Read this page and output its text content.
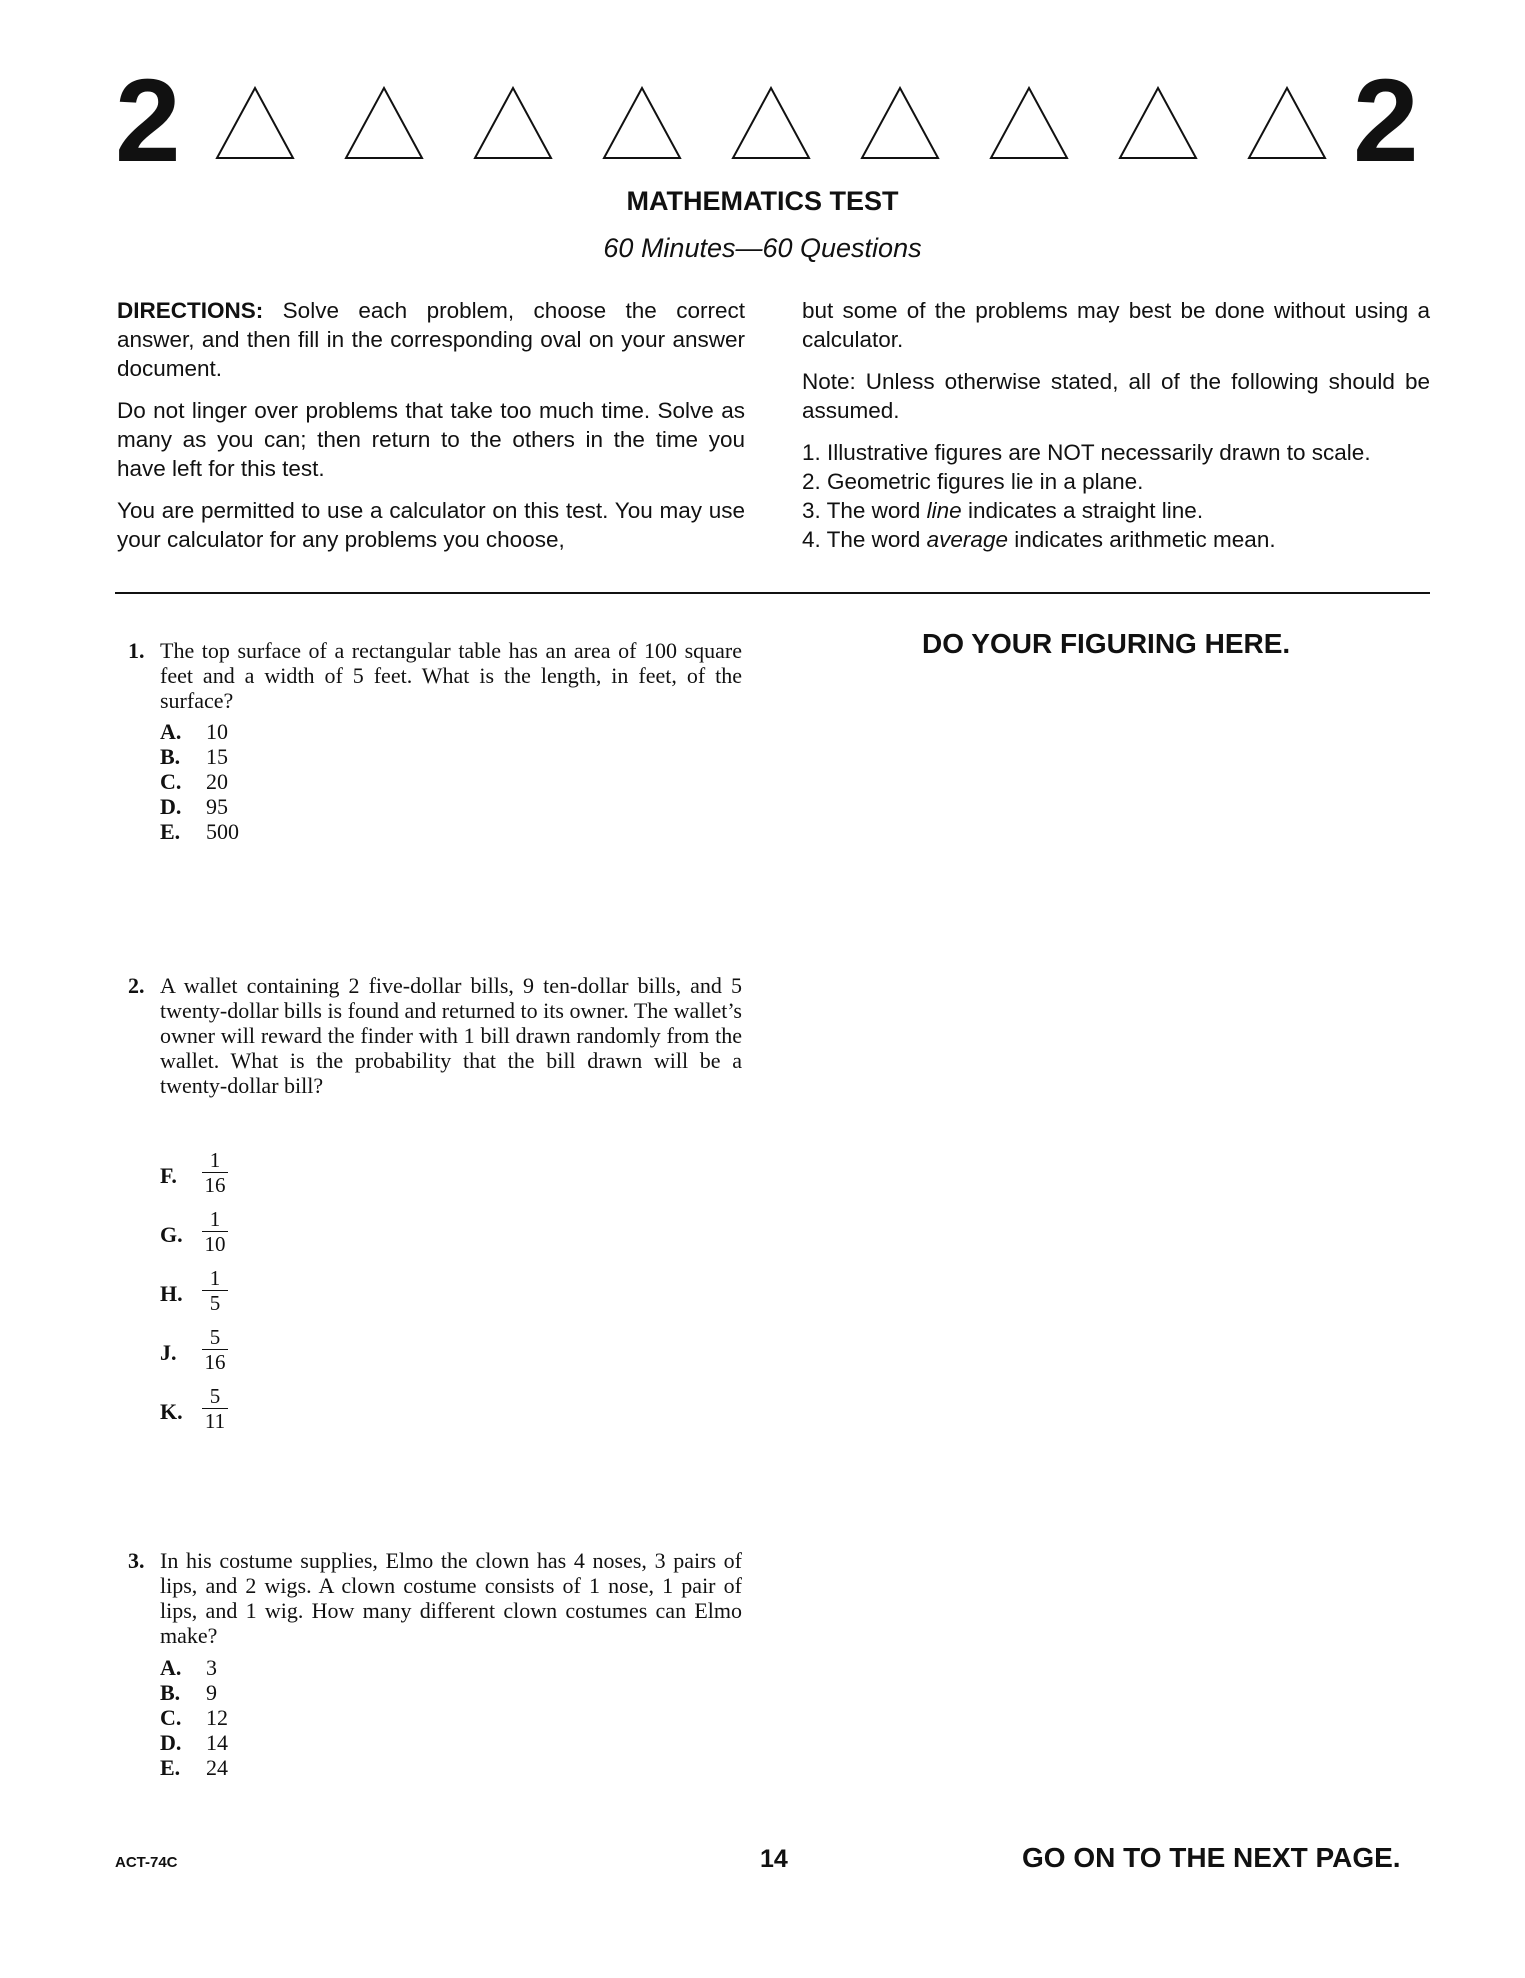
2	2
MATHEMATICS TEST
60 Minutes—60 Questions

DIRECTIONS: Solve each problem, choose the correct answer, and then fill in the corresponding oval on your answer document.

Do not linger over problems that take too much time. Solve as many as you can; then return to the others in the time you have left for this test.

You are permitted to use a calculator on this test. You may use your calculator for any problems you choose,

but some of the problems may best be done without using a calculator.

Note: Unless otherwise stated, all of the following should be assumed.

1. Illustrative figures are NOT necessarily drawn to scale.
2. Geometric figures lie in a plane.
3. The word line indicates a straight line.
4. The word average indicates arithmetic mean.
DO YOUR FIGURING HERE.
1. The top surface of a rectangular table has an area of 100 square feet and a width of 5 feet. What is the length, in feet, of the surface?
A. 10
B. 15
C. 20
D. 95
E. 500
2. A wallet containing 2 five-dollar bills, 9 ten-dollar bills, and 5 twenty-dollar bills is found and returned to its owner. The wallet’s owner will reward the finder with 1 bill drawn randomly from the wallet. What is the probability that the bill drawn will be a twenty-dollar bill?
F.	$\frac{1}{16}$
G. $\frac{1}{10}$
H. $\frac{1}{5}$
J.	$\frac{5}{16}$
K. $\frac{5}{11}$
3. In his costume supplies, Elmo the clown has 4 noses, 3 pairs of lips, and 2 wigs. A clown costume consists of 1 nose, 1 pair of lips, and 1 wig. How many different clown costumes can Elmo make?
A. 3
B. 9
C. 12
D. 14
E. 24
ACT-74C	14	GO ON TO THE NEXT PAGE.
